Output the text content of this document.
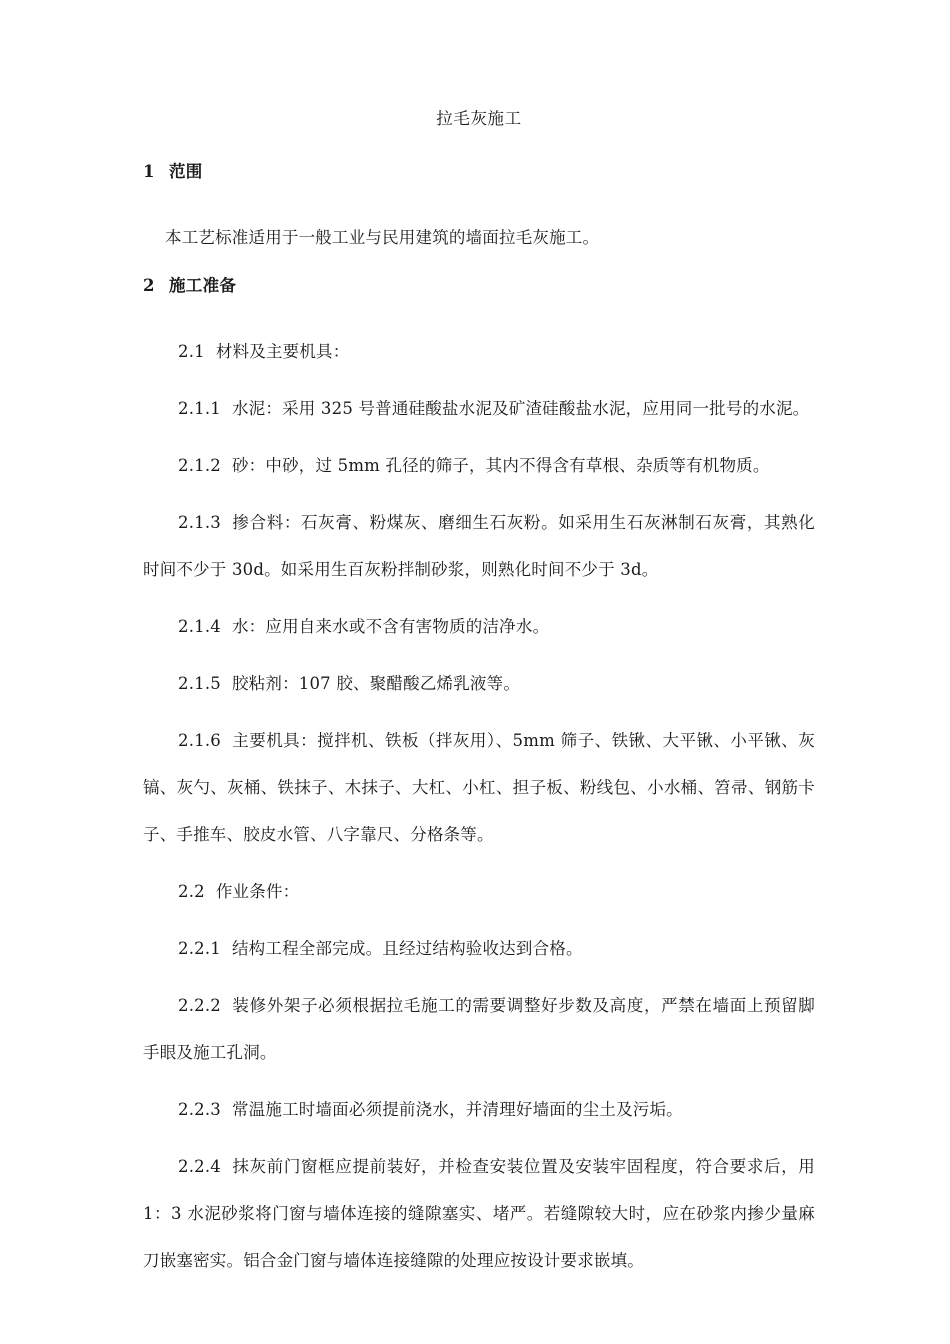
拉毛灰施工
1 范围

本工艺标准适用于一般工业与民用建筑的墙面拉毛灰施工。

2 施工准备

2.1 材料及主要机具：

2.1.1 水泥：采用 325 号普通硅酸盐水泥及矿渣硅酸盐水泥，应用同一批号的水泥。

2.1.2 砂：中砂，过 5mm 孔径的筛子，其内不得含有草根、杂质等有机物质。

2.1.3 掺合料：石灰膏、粉煤灰、磨细生石灰粉。如采用生石灰淋制石灰膏，其熟化时间不少于 30d。如采用生百灰粉拌制砂浆，则熟化时间不少于 3d。

2.1.4 水：应用自来水或不含有害物质的洁净水。

2.1.5 胶粘剂：107 胶、聚醋酸乙烯乳液等。

2.1.6 主要机具：搅拌机、铁板（拌灰用）、5mm 筛子、铁锹、大平锹、小平锹、灰镐、灰勺、灰桶、铁抹子、木抹子、大杠、小杠、担子板、粉线包、小水桶、笤帚、钢筋卡子、手推车、胶皮水管、八字靠尺、分格条等。

2.2 作业条件：

2.2.1 结构工程全部完成。且经过结构验收达到合格。

2.2.2 装修外架子必须根据拉毛施工的需要调整好步数及高度，严禁在墙面上预留脚手眼及施工孔洞。

2.2.3 常温施工时墙面必须提前浇水，并清理好墙面的尘土及污垢。

2.2.4 抹灰前门窗框应提前装好，并检查安装位置及安装牢固程度，符合要求后，用 1：3 水泥砂浆将门窗与墙体连接的缝隙塞实、堵严。若缝隙较大时，应在砂浆内掺少量麻刀嵌塞密实。铝合金门窗与墙体连接缝隙的处理应按设计要求嵌填。
